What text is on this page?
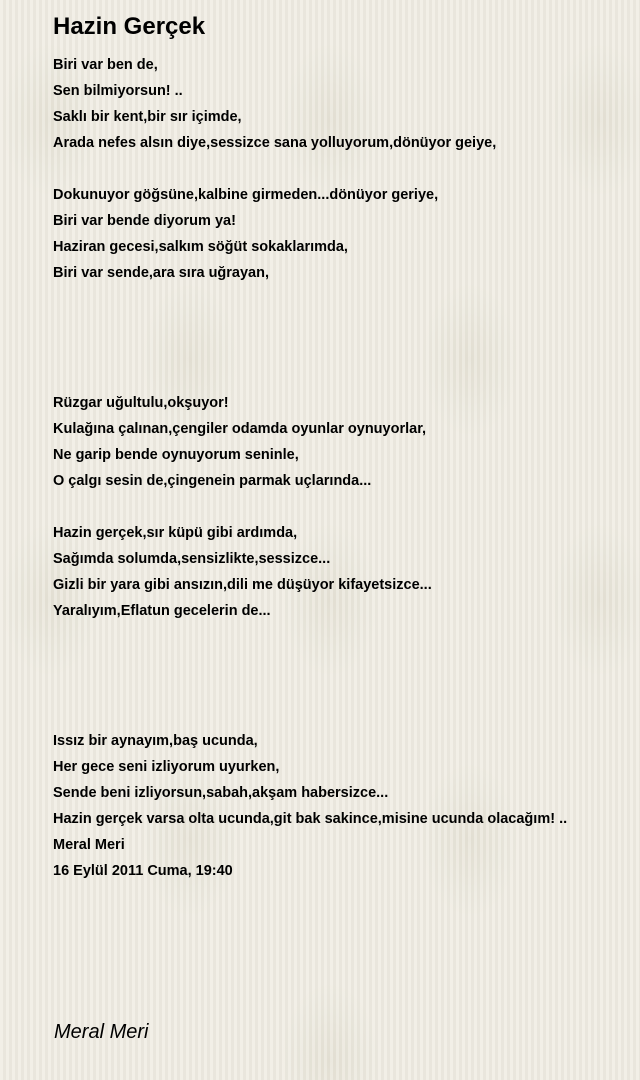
Hazin Gerçek
Biri var ben de,
Sen bilmiyorsun! ..
Saklı bir kent,bir sır içimde,
Arada nefes alsın diye,sessizce sana yolluyorum,dönüyor geiye,
Dokunuyor göğsüne,kalbine girmeden...dönüyor geriye,
Biri var bende diyorum ya!
Haziran gecesi,salkım söğüt sokaklarımda,
Biri var sende,ara sıra uğrayan,
Rüzgar uğultulu,okşuyor!
Kulağına çalınan,çengiler odamda oyunlar oynuyorlar,
Ne garip bende oynuyorum seninle,
O çalgı sesin de,çingenein parmak uçlarında...
Hazin gerçek,sır küpü gibi ardımda,
Sağımda solumda,sensizlikte,sessizce...
Gizli bir yara gibi ansızın,dili me düşüyor kifayetsizce...
Yaralıyım,Eflatun gecelerin de...
Issız bir aynayım,baş ucunda,
Her gece seni izliyorum uyurken,
Sende beni izliyorsun,sabah,akşam habersizce...
Hazin gerçek varsa olta ucunda,git bak sakince,misine ucunda olacağım! ..
Meral Meri
16 Eylül 2011 Cuma, 19:40
Meral Meri
